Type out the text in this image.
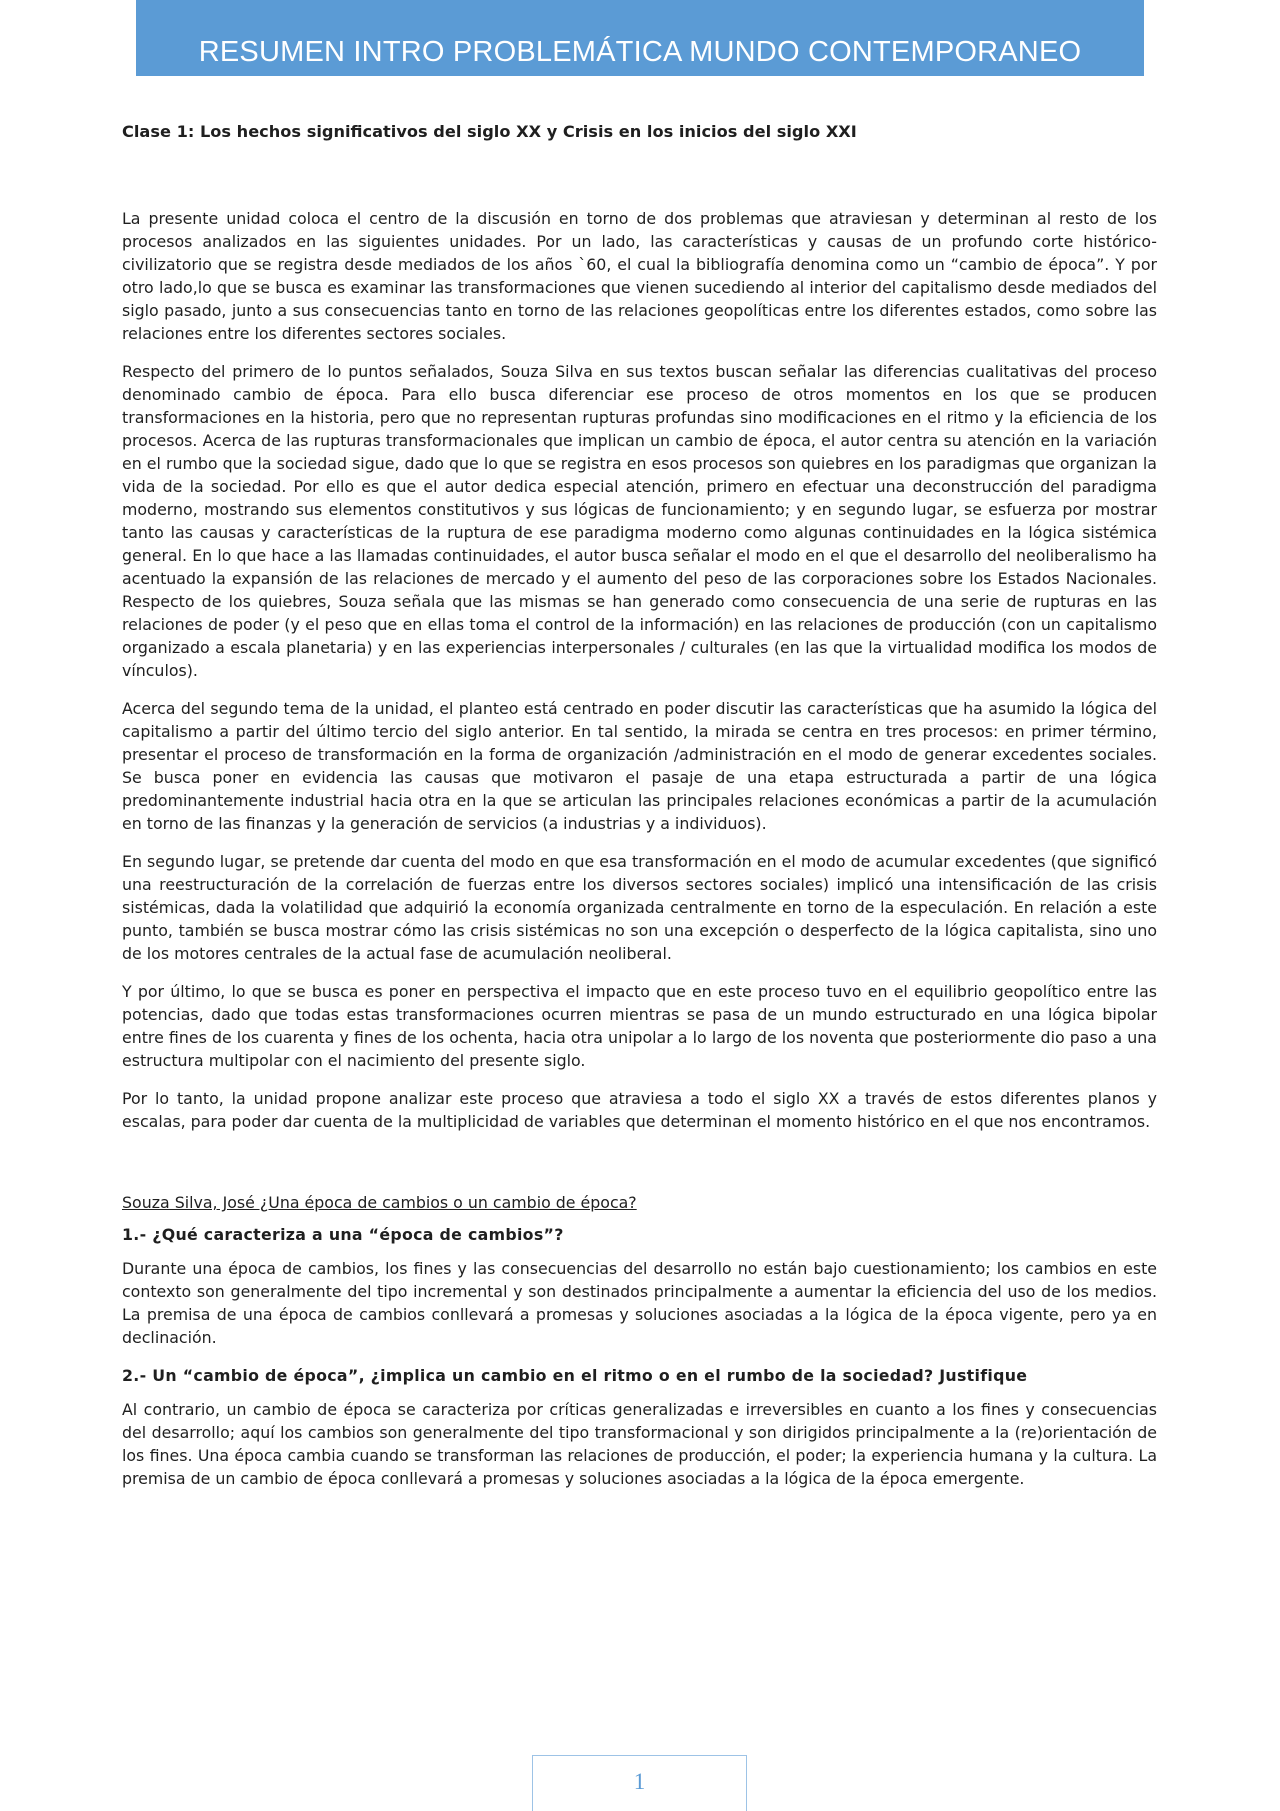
RESUMEN INTRO PROBLEMÁTICA MUNDO CONTEMPORANEO
Clase 1: Los hechos significativos del siglo XX y Crisis en los inicios del siglo XXI

La presente unidad coloca el centro de la discusión en torno de dos problemas que atraviesan y determinan al resto de los procesos analizados en las siguientes unidades. Por un lado, las características y causas de un profundo corte histórico-civilizatorio que se registra desde mediados de los años `60, el cual la bibliografía denomina como un “cambio de época”. Y por otro lado,lo que se busca es examinar las transformaciones que vienen sucediendo al interior del capitalismo desde mediados del siglo pasado, junto a sus consecuencias tanto en torno de las relaciones geopolíticas entre los diferentes estados, como sobre las relaciones entre los diferentes sectores sociales.

Respecto del primero de lo puntos señalados, Souza Silva en sus textos buscan señalar las diferencias cualitativas del proceso denominado cambio de época. Para ello busca diferenciar ese proceso de otros momentos en los que se producen transformaciones en la historia, pero que no representan rupturas profundas sino modificaciones en el ritmo y la eficiencia de los procesos. Acerca de las rupturas transformacionales que implican un cambio de época, el autor centra su atención en la variación en el rumbo que la sociedad sigue, dado que lo que se registra en esos procesos son quiebres en los paradigmas que organizan la vida de la sociedad. Por ello es que el autor dedica especial atención, primero en efectuar una deconstrucción del paradigma moderno, mostrando sus elementos constitutivos y sus lógicas de funcionamiento; y en segundo lugar, se esfuerza por mostrar tanto las causas y características de la ruptura de ese paradigma moderno como algunas continuidades en la lógica sistémica general. En lo que hace a las llamadas continuidades, el autor busca señalar el modo en el que el desarrollo del neoliberalismo ha acentuado la expansión de las relaciones de mercado y el aumento del peso de las corporaciones sobre los Estados Nacionales. Respecto de los quiebres, Souza señala que las mismas se han generado como consecuencia de una serie de rupturas en las relaciones de poder (y el peso que en ellas toma el control de la información) en las relaciones de producción (con un capitalismo organizado a escala planetaria) y en las experiencias interpersonales / culturales (en las que la virtualidad modifica los modos de vínculos).

Acerca del segundo tema de la unidad, el planteo está centrado en poder discutir las características que ha asumido la lógica del capitalismo a partir del último tercio del siglo anterior. En tal sentido, la mirada se centra en tres procesos: en primer término, presentar el proceso de transformación en la forma de organización /administración en el modo de generar excedentes sociales. Se busca poner en evidencia las causas que motivaron el pasaje de una etapa estructurada a partir de una lógica predominantemente industrial hacia otra en la que se articulan las principales relaciones económicas a partir de la acumulación en torno de las finanzas y la generación de servicios (a industrias y a individuos).

En segundo lugar, se pretende dar cuenta del modo en que esa transformación en el modo de acumular excedentes (que significó una reestructuración de la correlación de fuerzas entre los diversos sectores sociales) implicó una intensificación de las crisis sistémicas, dada la volatilidad que adquirió la economía organizada centralmente en torno de la especulación. En relación a este punto, también se busca mostrar cómo las crisis sistémicas no son una excepción o desperfecto de la lógica capitalista, sino uno de los motores centrales de la actual fase de acumulación neoliberal.

Y por último, lo que se busca es poner en perspectiva el impacto que en este proceso tuvo en el equilibrio geopolítico entre las potencias, dado que todas estas transformaciones ocurren mientras se pasa de un mundo estructurado en una lógica bipolar entre fines de los cuarenta y fines de los ochenta, hacia otra unipolar a lo largo de los noventa que posteriormente dio paso a una estructura multipolar con el nacimiento del presente siglo.

Por lo tanto, la unidad propone analizar este proceso que atraviesa a todo el siglo XX a través de estos diferentes planos y escalas, para poder dar cuenta de la multiplicidad de variables que determinan el momento histórico en el que nos encontramos.

Souza Silva, José ¿Una época de cambios o un cambio de época?
1.- ¿Qué caracteriza a una “época de cambios”?

Durante una época de cambios, los fines y las consecuencias del desarrollo no están bajo cuestionamiento; los cambios en este contexto son generalmente del tipo incremental y son destinados principalmente a aumentar la eficiencia del uso de los medios. La premisa de una época de cambios conllevará a promesas y soluciones asociadas a la lógica de la época vigente, pero ya en declinación.

2.- Un “cambio de época”, ¿implica un cambio en el ritmo o en el rumbo de la sociedad? Justifique

Al contrario, un cambio de época se caracteriza por críticas generalizadas e irreversibles en cuanto a los fines y consecuencias del desarrollo; aquí los cambios son generalmente del tipo transformacional y son dirigidos principalmente a la (re)orientación de los fines. Una época cambia cuando se transforman las relaciones de producción, el poder; la experiencia humana y la cultura. La premisa de un cambio de época conllevará a promesas y soluciones asociadas a la lógica de la época emergente.

1
